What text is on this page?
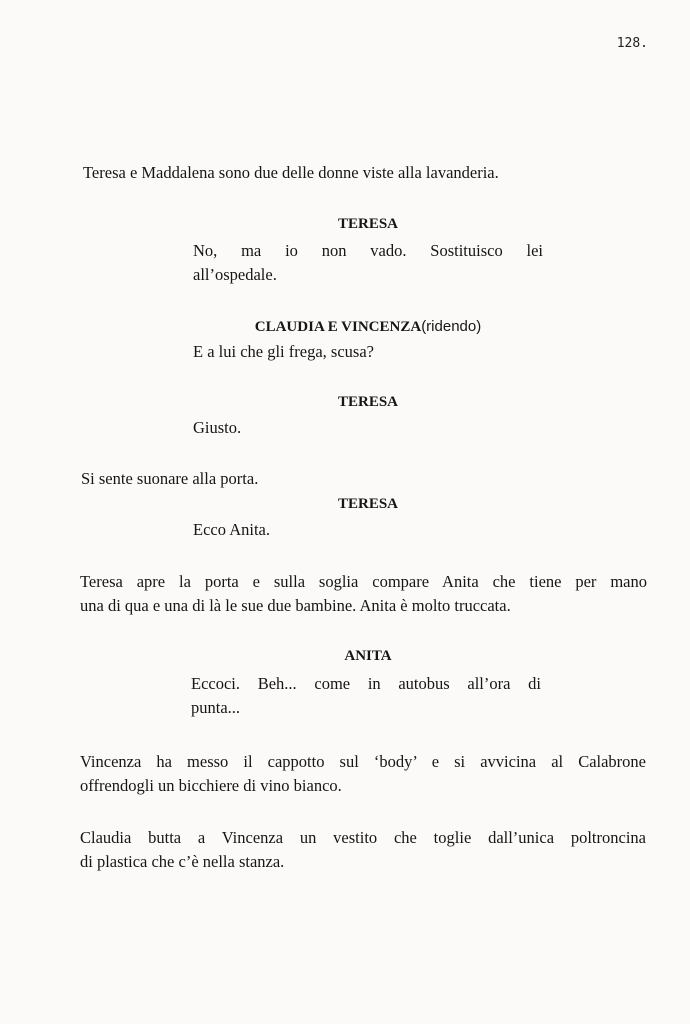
128.
Teresa e Maddalena sono due delle donne viste alla lavanderia.
TERESA
No, ma io non vado. Sostituisco lei
all’ospedale.
CLAUDIA E VINCENZA(ridendo)
E a lui che gli frega, scusa?
TERESA
Giusto.
Si sente suonare alla porta.
TERESA
Ecco Anita.
Teresa apre la porta e sulla soglia compare Anita che tiene per mano
una di qua e una di là le sue due bambine. Anita è molto truccata.
ANITA
Eccoci. Beh... come in autobus all’ora di
punta...
Vincenza ha messo il cappotto sul ‘body’ e si avvicina al Calabrone
offrendogli un bicchiere di vino bianco.
Claudia butta a Vincenza un vestito che toglie dall’unica poltroncina
di plastica che c’è nella stanza.
